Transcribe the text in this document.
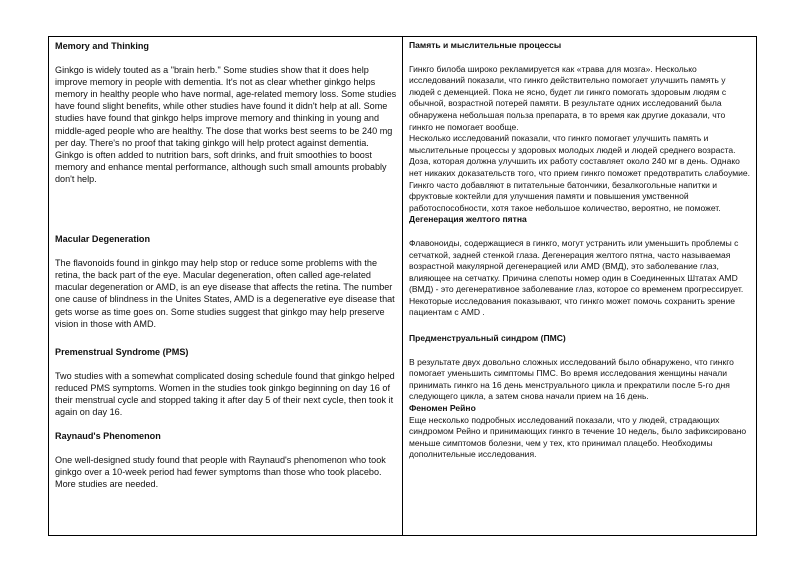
Memory and Thinking

Ginkgo is widely touted as a "brain herb." Some studies show that it does help improve memory in people with dementia. It's not as clear whether ginkgo helps memory in healthy people who have normal, age-related memory loss. Some studies have found slight benefits, while other studies have found it didn't help at all. Some studies have found that ginkgo helps improve memory and thinking in young and middle-aged people who are healthy. The dose that works best seems to be 240 mg per day. There's no proof that taking ginkgo will help protect against dementia. Ginkgo is often added to nutrition bars, soft drinks, and fruit smoothies to boost memory and enhance mental performance, although such small amounts probably don't help.

Macular Degeneration

The flavonoids found in ginkgo may help stop or reduce some problems with the retina, the back part of the eye. Macular degeneration, often called age-related macular degeneration or AMD, is an eye disease that affects the retina. The number one cause of blindness in the Unites States, AMD is a degenerative eye disease that gets worse as time goes on. Some studies suggest that ginkgo may help preserve vision in those with AMD.

Premenstrual Syndrome (PMS)

Two studies with a somewhat complicated dosing schedule found that ginkgo helped reduced PMS symptoms. Women in the studies took ginkgo beginning on day 16 of their menstrual cycle and stopped taking it after day 5 of their next cycle, then took it again on day 16.

Raynaud's Phenomenon

One well-designed study found that people with Raynaud's phenomenon who took ginkgo over a 10-week period had fewer symptoms than those who took placebo. More studies are needed.

Память и мыслительные процессы

Гинкго билоба широко рекламируется как «трава для мозга». Несколько исследований показали, что гинкго действительно помогает улучшить память у людей с деменцией. Пока не ясно, будет ли гинкго помогать здоровым людям с обычной, возрастной потерей памяти. В результате одних исследований была обнаружена небольшая польза препарата, в то время как другие доказали, что гинкго не помогает вообще.

Несколько исследований показали, что гинкго помогает улучшить память и мыслительные процессы у здоровых молодых людей и людей среднего возраста. Доза, которая должна улучшить их работу составляет около 240 мг в день. Однако нет никаких доказательств того, что прием гинкго поможет предотвратить слабоумие. Гинкго часто добавляют в питательные батончики, безалкогольные напитки и фруктовые коктейли для улучшения памяти и повышения умственной работоспособности, хотя такое небольшое количество, вероятно, не поможет.

Дегенерация желтого пятна

Флавоноиды, содержащиеся в гинкго, могут устранить или уменьшить проблемы с сетчаткой, задней стенкой глаза. Дегенерация желтого пятна, часто называемая возрастной макулярной дегенерацией или AMD (ВМД), это заболевание глаз, влияющее на сетчатку. Причина слепоты номер один в Соединенных Штатах AMD (ВМД) - это дегенеративное заболевание глаз, которое со временем прогрессирует. Некоторые исследования показывают, что гинкго может помочь сохранить зрение пациентам с AMD .

Предменструальный синдром (ПМС)

В результате двух довольно сложных исследований было обнаружено, что гинкго помогает уменьшить симптомы ПМС. Во время исследования женщины начали принимать гинкго на 16 день менструального цикла и прекратили после 5-го дня следующего цикла, а затем снова начали прием на 16 день.

Феномен Рейно

Еще несколько подробных исследований показали, что у людей, страдающих синдромом Рейно и принимающих гинкго в течение 10 недель, было зафиксировано меньше симптомов болезни, чем у тех, кто принимал плацебо. Необходимы дополнительные исследования.
